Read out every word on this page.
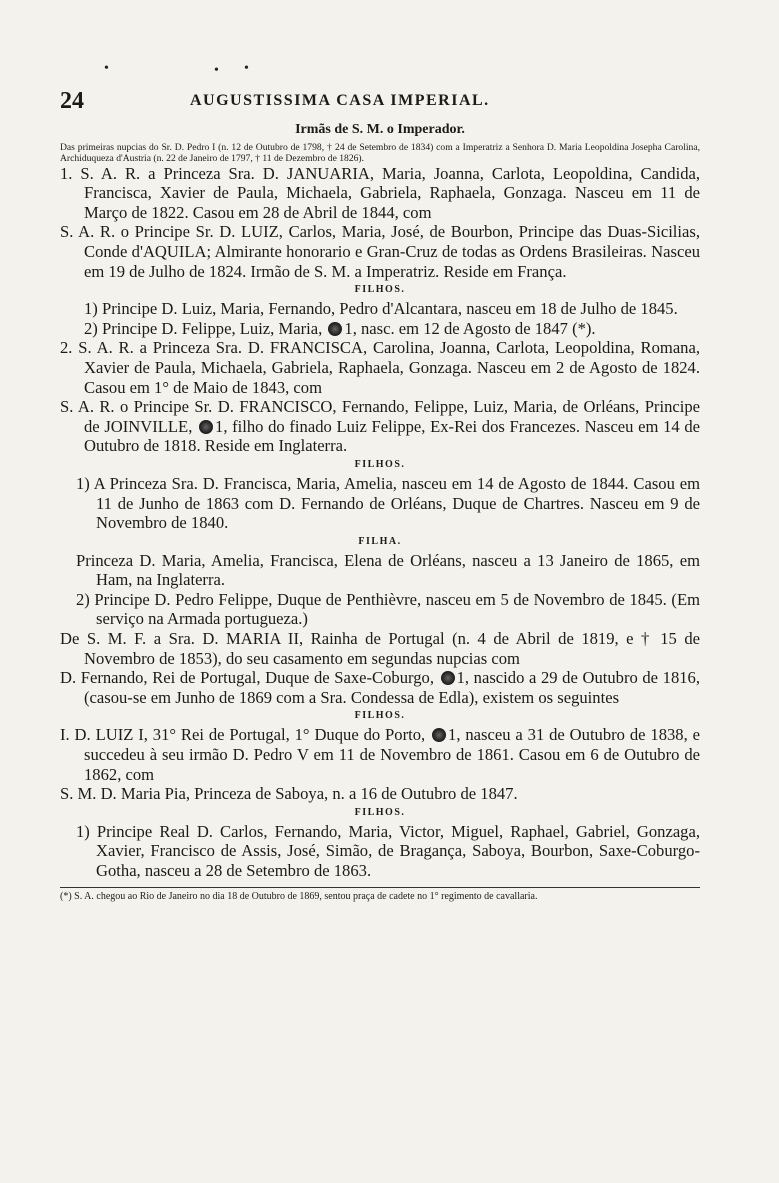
•	• •
24	AUGUSTISSIMA CASA IMPERIAL.

Irmãs de S. M. o Imperador.

Das primeiras nupcias do Sr. D. Pedro I (n. 12 de Outubro de 1798, † 24 de Setembro de 1834) com a Imperatriz a Senhora D. Maria Leopoldina Josepha Carolina, Archiduqueza d'Austria (n. 22 de Janeiro de 1797, † 11 de Dezembro de 1826).

1. S. A. R. a Princeza Sra. D. JANUARIA, Maria, Joanna, Carlota, Leopoldina, Candida, Francisca, Xavier de Paula, Michaela, Gabriela, Raphaela, Gonzaga. Nasceu em 11 de Março de 1822. Casou em 28 de Abril de 1844, com

S. A. R. o Principe Sr. D. LUIZ, Carlos, Maria, José, de Bourbon, Principe das Duas-Sicilias, Conde d'AQUILA; Almirante honorario e Gran-Cruz de todas as Ordens Brasileiras. Nasceu em 19 de Julho de 1824. Irmão de S. M. a Imperatriz. Reside em França.

FILHOS.

1) Principe D. Luiz, Maria, Fernando, Pedro d'Alcantara, nasceu em 18 de Julho de 1845.

2) Principe D. Felippe, Luiz, Maria, 1, nasc. em 12 de Agosto de 1847 (*).

2. S. A. R. a Princeza Sra. D. FRANCISCA, Carolina, Joanna, Carlota, Leopoldina, Romana, Xavier de Paula, Michaela, Gabriela, Raphaela, Gonzaga. Nasceu em 2 de Agosto de 1824. Casou em 1° de Maio de 1843, com

S. A. R. o Principe Sr. D. FRANCISCO, Fernando, Felippe, Luiz, Maria, de Orléans, Principe de JOINVILLE, 1, filho do finado Luiz Felippe, Ex-Rei dos Francezes. Nasceu em 14 de Outubro de 1818. Reside em Inglaterra.

FILHOS.

1) A Princeza Sra. D. Francisca, Maria, Amelia, nasceu em 14 de Agosto de 1844. Casou em 11 de Junho de 1863 com D. Fernando de Orléans, Duque de Chartres. Nasceu em 9 de Novembro de 1840.

FILHA.

Princeza D. Maria, Amelia, Francisca, Elena de Orléans, nasceu a 13 Janeiro de 1865, em Ham, na Inglaterra.

2) Principe D. Pedro Felippe, Duque de Penthièvre, nasceu em 5 de Novembro de 1845. (Em serviço na Armada portugueza.)

De S. M. F. a Sra. D. MARIA II, Rainha de Portugal (n. 4 de Abril de 1819, e † 15 de Novembro de 1853), do seu casamento em segundas nupcias com

D. Fernando, Rei de Portugal, Duque de Saxe-Coburgo, 1, nascido a 29 de Outubro de 1816, (casou-se em Junho de 1869 com a Sra. Condessa de Edla), existem os seguintes

FILHOS.

I. D. LUIZ I, 31° Rei de Portugal, 1° Duque do Porto, 1, nasceu a 31 de Outubro de 1838, e succedeu à seu irmão D. Pedro V em 11 de Novembro de 1861. Casou em 6 de Outubro de 1862, com

S. M. D. Maria Pia, Princeza de Saboya, n. a 16 de Outubro de 1847.

FILHOS.

1) Principe Real D. Carlos, Fernando, Maria, Victor, Miguel, Raphael, Gabriel, Gonzaga, Xavier, Francisco de Assis, José, Simão, de Bragança, Saboya, Bourbon, Saxe-Coburgo-Gotha, nasceu a 28 de Setembro de 1863.

(*) S. A. chegou ao Rio de Janeiro no dia 18 de Outubro de 1869, sentou praça de cadete no 1° regimento de cavallaria.
